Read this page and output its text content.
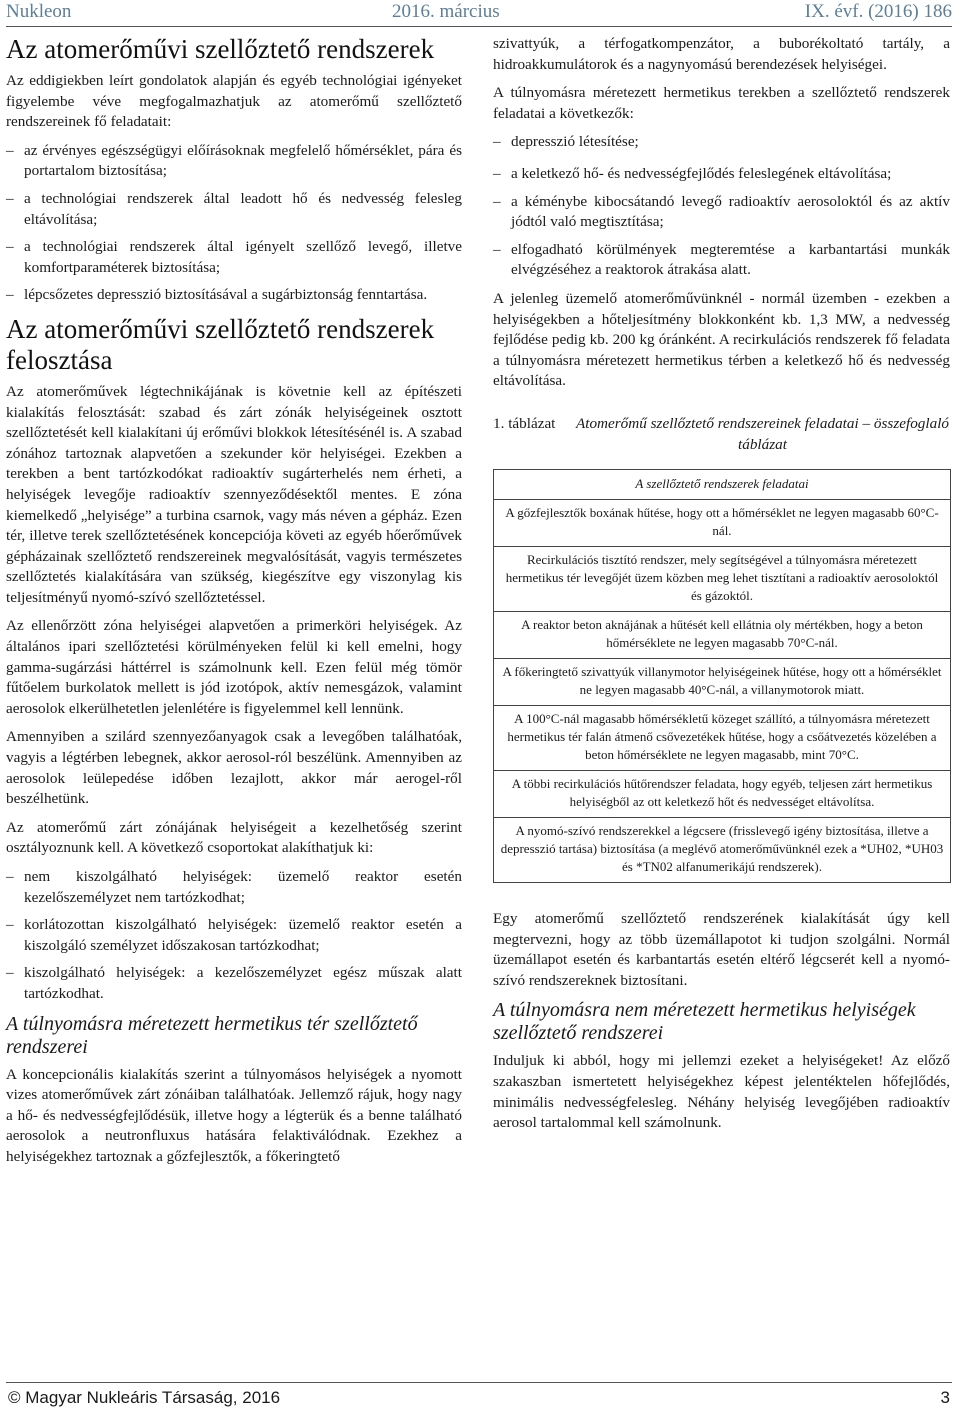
Nukleon	2016. március	IX. évf. (2016) 186
Az atomerőművi szellőztető rendszerek

Az eddigiekben leírt gondolatok alapján és egyéb technológiai igényeket figyelembe véve megfogalmazhatjuk az atomerőmű szellőztető rendszereinek fő feladatait:

– az érvényes egészségügyi előírásoknak megfelelő hőmérséklet, pára és portartalom biztosítása;
– a technológiai rendszerek által leadott hő és nedvesség felesleg eltávolítása;
– a technológiai rendszerek által igényelt szellőző levegő, illetve komfortparaméterek biztosítása;
– lépcsőzetes depresszió biztosításával a sugárbiztonság fenntartása.
Az atomerőművi szellőztető rendszerek felosztása

Az atomerőművek légtechnikájának is követnie kell az építészeti kialakítás felosztását: szabad és zárt zónák helyiségeinek osztott szellőztetését kell kialakítani új erőművi blokkok létesítésénél is. A szabad zónához tartoznak alapvetően a szekunder kör helyiségei. Ezekben a terekben a bent tartózkodókat radioaktív sugárterhelés nem érheti, a helyiségek levegője radioaktív szennyeződésektől mentes. E zóna kiemelkedő „helyisége” a turbina csarnok, vagy más néven a gépház. Ezen tér, illetve terek szellőztetésének koncepciója követi az egyéb hőerőművek gépházainak szellőztető rendszereinek megvalósítását, vagyis természetes szellőztetés kialakítására van szükség, kiegészítve egy viszonylag kis teljesítményű nyomó-szívó szellőztetéssel.

Az ellenőrzött zóna helyiségei alapvetően a primerköri helyiségek. Az általános ipari szellőztetési körülményeken felül ki kell emelni, hogy gamma-sugárzási háttérrel is számolnunk kell. Ezen felül még tömör fűtőelem burkolatok mellett is jód izotópok, aktív nemesgázok, valamint aerosolok elkerülhetetlen jelenlétére is figyelemmel kell lennünk.

Amennyiben a szilárd szennyezőanyagok csak a levegőben találhatóak, vagyis a légtérben lebegnek, akkor aerosol-ról beszélünk. Amennyiben az aerosolok leülepedése időben lezajlott, akkor már aerogel-ről beszélhetünk.

Az atomerőmű zárt zónájának helyiségeit a kezelhetőség szerint osztályoznunk kell. A következő csoportokat alakíthatjuk ki:

– nem kiszolgálható helyiségek: üzemelő reaktor esetén kezelőszemélyzet nem tartózkodhat;
– korlátozottan kiszolgálható helyiségek: üzemelő reaktor esetén a kiszolgáló személyzet időszakosan tartózkodhat;
– kiszolgálható helyiségek: a kezelőszemélyzet egész műszak alatt tartózkodhat.
A túlnyomásra méretezett hermetikus tér szellőztető rendszerei

A koncepcionális kialakítás szerint a túlnyomásos helyiségek a nyomott vizes atomerőművek zárt zónáiban találhatóak. Jellemző rájuk, hogy nagy a hő- és nedvességfejlődésük, illetve hogy a légterük és a benne található aerosolok a neutronfluxus hatására felaktiválódnak. Ezekhez a helyiségekhez tartoznak a gőzfejlesztők, a főkeringtető

szivattyúk, a térfogatkompenzátor, a buborékoltató tartály, a hidroakkumulátorok és a nagynyomású berendezések helyiségei.

A túlnyomásra méretezett hermetikus terekben a szellőztető rendszerek feladatai a következők:

– depresszió létesítése;
– a keletkező hő- és nedvességfejlődés feleslegének eltávolítása;
– a kéménybe kibocsátandó levegő radioaktív aerosoloktól és az aktív jódtól való megtisztítása;
– elfogadható körülmények megteremtése a karbantartási munkák elvégzéséhez a reaktorok átrakása alatt.

A jelenleg üzemelő atomerőművünknél - normál üzemben - ezekben a helyiségekben a hőteljesítmény blokkonként kb. 1,3 MW, a nedvesség fejlődése pedig kb. 200 kg óránként. A recirkulációs rendszerek fő feladata a túlnyomásra méretezett hermetikus térben a keletkező hő és nedvesség eltávolítása.

1. táblázat	Atomerőmű szellőztető rendszereinek feladatai – összefoglaló táblázat
A szellőztető rendszerek feladatai
A gőzfejlesztők boxának hűtése, hogy ott a hőmérséklet ne legyen magasabb 60°C-nál.
Recirkulációs tisztító rendszer, mely segítségével a túlnyomásra méretezett hermetikus tér levegőjét üzem közben meg lehet tisztítani a radioaktív aerosoloktól és gázoktól.
A reaktor beton aknájának a hűtését kell ellátnia oly mértékben, hogy a beton hőmérséklete ne legyen magasabb 70°C-nál.
A főkeringtető szivattyúk villanymotor helyiségeinek hűtése, hogy ott a hőmérséklet ne legyen magasabb 40°C-nál, a villanymotorok miatt.
A 100°C-nál magasabb hőmérsékletű közeget szállító, a túlnyomásra méretezett hermetikus tér falán átmenő csővezetékek hűtése, hogy a csőátvezetés közelében a beton hőmérséklete ne legyen magasabb, mint 70°C.
A többi recirkulációs hűtőrendszer feladata, hogy egyéb, teljesen zárt hermetikus helyiségből az ott keletkező hőt és nedvességet eltávolítsa.
A nyomó-szívó rendszerekkel a légcsere (frisslevegő igény biztosítása, illetve a depresszió tartása) biztosítása (a meglévő atomerőművünknél ezek a *UH02, *UH03 és *TN02 alfanumerikájú rendszerek).

Egy atomerőmű szellőztető rendszerének kialakítását úgy kell megtervezni, hogy az több üzemállapotot ki tudjon szolgálni. Normál üzemállapot esetén és karbantartás esetén eltérő légcserét kell a nyomó-szívó rendszereknek biztosítani.

A túlnyomásra nem méretezett hermetikus helyiségek szellőztető rendszerei

Induljuk ki abból, hogy mi jellemzi ezeket a helyiségeket! Az előző szakaszban ismertetett helyiségekhez képest jelentéktelen hőfejlődés, minimális nedvességfelesleg. Néhány helyiség levegőjében radioaktív aerosol tartalommal kell számolnunk.

© Magyar Nukleáris Társaság, 2016	3
